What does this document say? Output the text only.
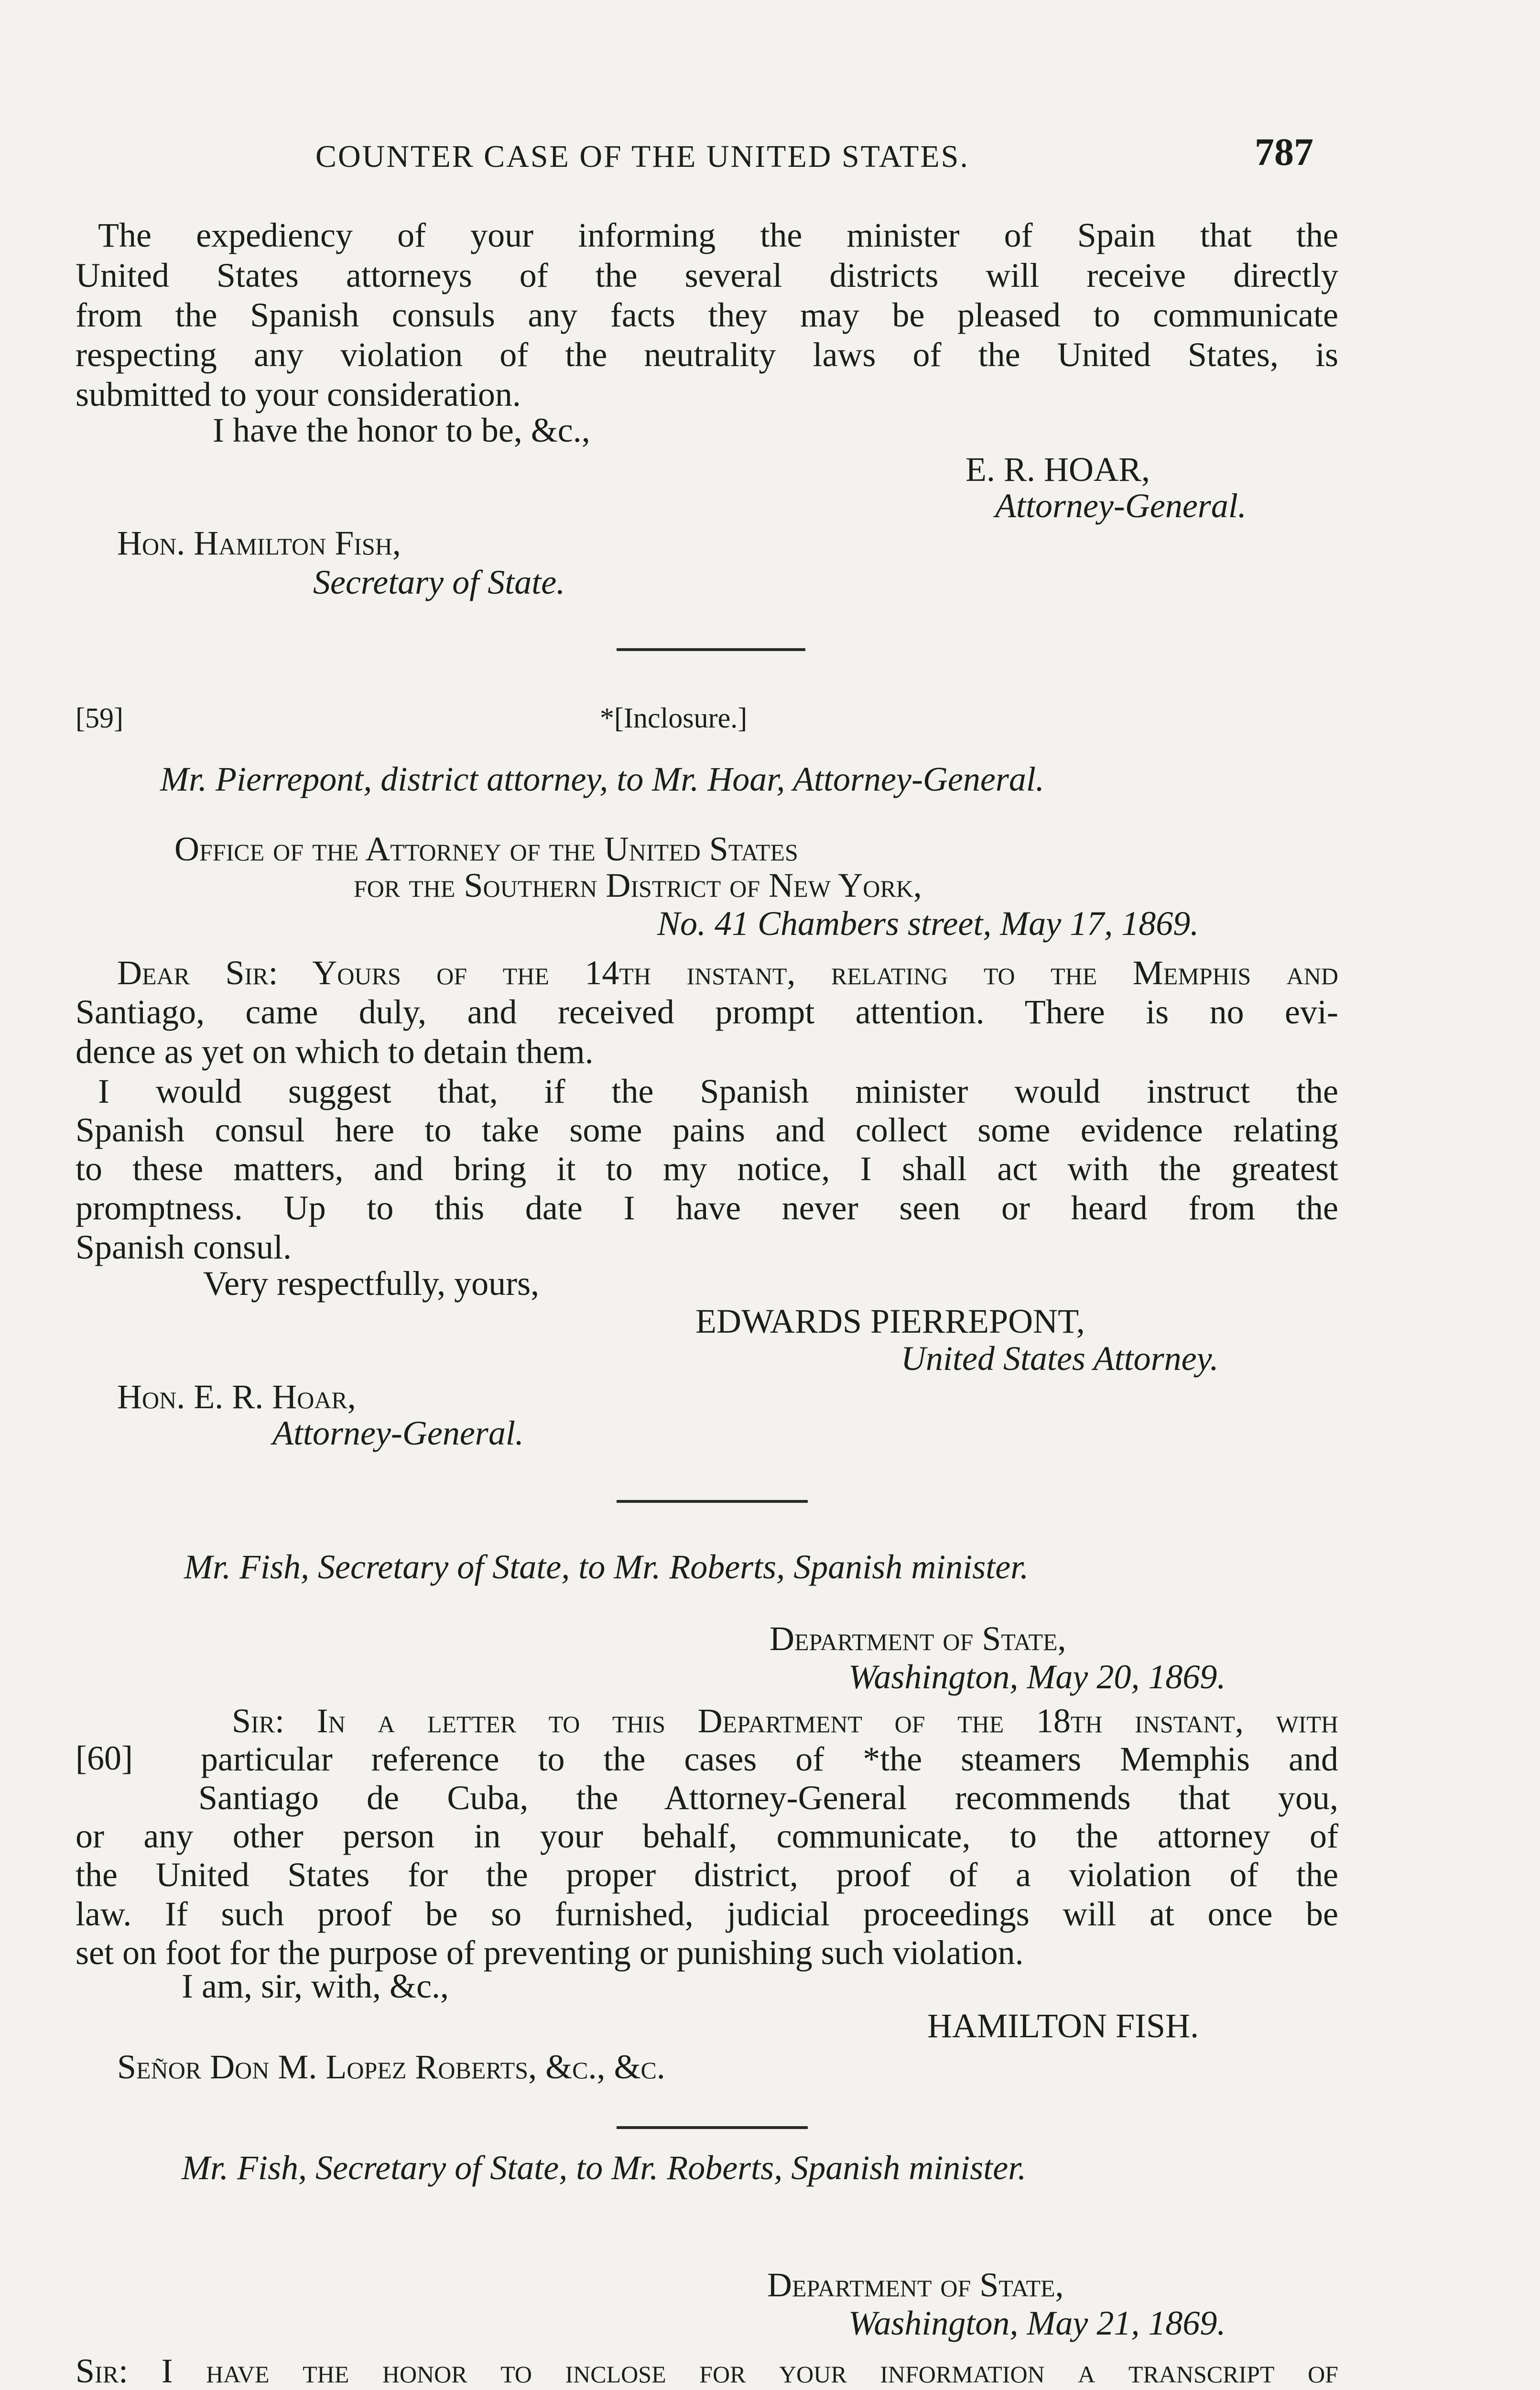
COUNTER CASE OF THE UNITED STATES.	787
The expediency of your informing the minister of Spain that the
United States attorneys of the several districts will receive directly
from the Spanish consuls any facts they may be pleased to communicate
respecting any violation of the neutrality laws of the United States, is
submitted to your consideration.
I have the honor to be, &c.,
E. R. HOAR,
Attorney-General.
Hon. Hamilton Fish,
Secretary of State.
[59]	*[Inclosure.]
Mr. Pierrepont, district attorney, to Mr. Hoar, Attorney-General.
Office of the Attorney of the United States
for the Southern District of New York,
No. 41 Chambers street, May 17, 1869.
Dear Sir: Yours of the 14th instant, relating to the Memphis and
Santiago, came duly, and received prompt attention. There is no evi-
dence as yet on which to detain them.
I would suggest that, if the Spanish minister would instruct the
Spanish consul here to take some pains and collect some evidence relating
to these matters, and bring it to my notice, I shall act with the greatest
promptness. Up to this date I have never seen or heard from the
Spanish consul.
Very respectfully, yours,
EDWARDS PIERREPONT,
United States Attorney.
Hon. E. R. Hoar,
Attorney-General.
Mr. Fish, Secretary of State, to Mr. Roberts, Spanish minister.
Department of State,
Washington, May 20, 1869.
[60]
Sir: In a letter to this Department of the 18th instant, with
particular reference to the cases of *the steamers Memphis and
Santiago de Cuba, the Attorney-General recommends that you,
or any other person in your behalf, communicate, to the attorney of
the United States for the proper district, proof of a violation of the
law. If such proof be so furnished, judicial proceedings will at once be
set on foot for the purpose of preventing or punishing such violation.
I am, sir, with, &c.,
HAMILTON FISH.
Señor Don M. Lopez Roberts, &c., &c.
Mr. Fish, Secretary of State, to Mr. Roberts, Spanish minister.
Department of State,
Washington, May 21, 1869.
Sir: I have the honor to inclose for your information a transcript of
